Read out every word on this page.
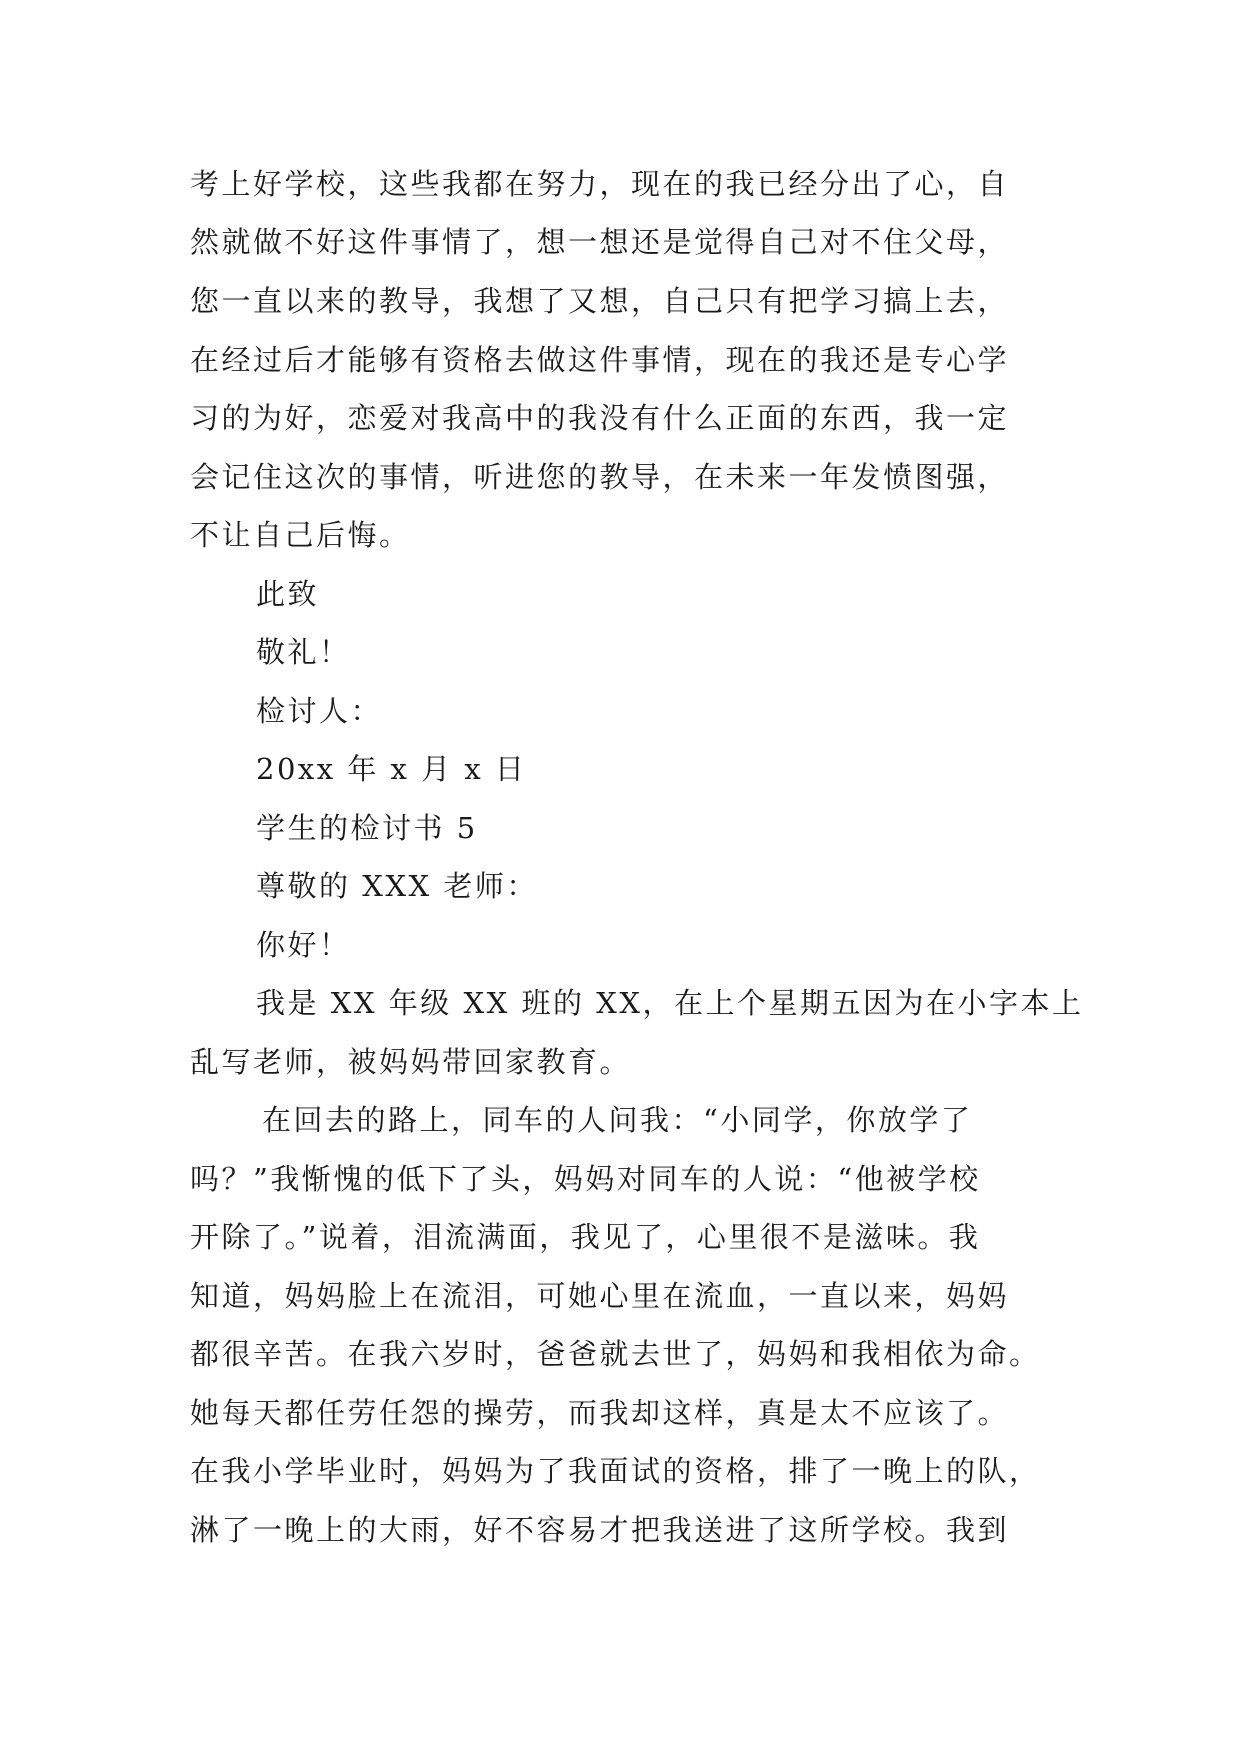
考上好学校，这些我都在努力，现在的我已经分出了心，自
然就做不好这件事情了，想一想还是觉得自己对不住父母，
您一直以来的教导，我想了又想，自己只有把学习搞上去，
在经过后才能够有资格去做这件事情，现在的我还是专心学
习的为好，恋爱对我高中的我没有什么正面的东西，我一定
会记住这次的事情，听进您的教导，在未来一年发愤图强，
不让自己后悔。
此致
敬礼！
检讨人：
20xx 年 x 月 x 日
学生的检讨书 5
尊敬的 XXX 老师：
你好！
我是 XX 年级 XX 班的 XX，在上个星期五因为在小字本上
乱写老师，被妈妈带回家教育。
在回去的路上，同车的人问我：“小同学，你放学了
吗？”我惭愧的低下了头，妈妈对同车的人说：“他被学校
开除了。”说着，泪流满面，我见了，心里很不是滋味。我
知道，妈妈脸上在流泪，可她心里在流血，一直以来，妈妈
都很辛苦。在我六岁时，爸爸就去世了，妈妈和我相依为命。
她每天都任劳任怨的操劳，而我却这样，真是太不应该了。
在我小学毕业时，妈妈为了我面试的资格，排了一晚上的队，
淋了一晚上的大雨，好不容易才把我送进了这所学校。我到
